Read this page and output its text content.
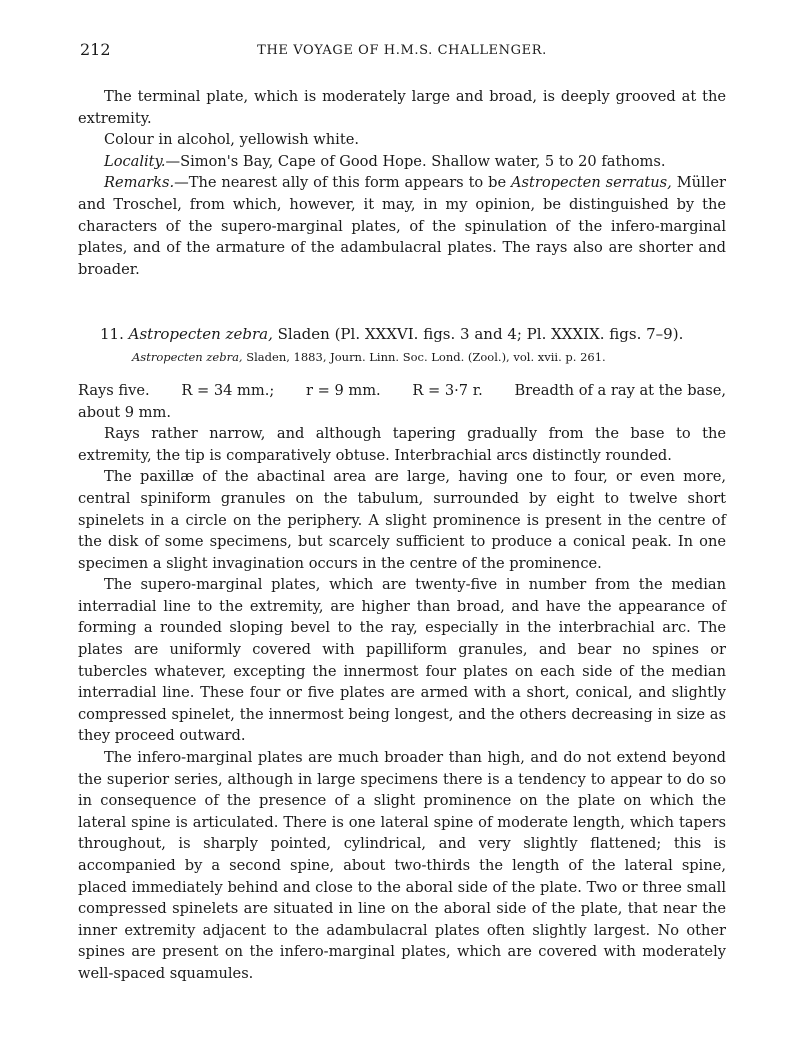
212	THE VOYAGE OF H.M.S. CHALLENGER.

The terminal plate, which is moderately large and broad, is deeply grooved at the extremity.

Colour in alcohol, yellowish white.

Locality.—Simon's Bay, Cape of Good Hope. Shallow water, 5 to 20 fathoms.

Remarks.—The nearest ally of this form appears to be Astropecten serratus, Müller and Troschel, from which, however, it may, in my opinion, be distinguished by the characters of the supero-marginal plates, of the spinulation of the infero-marginal plates, and of the armature of the adambulacral plates. The rays also are shorter and broader.

11. Astropecten zebra, Sladen (Pl. XXXVI. figs. 3 and 4; Pl. XXXIX. figs. 7–9).

Astropecten zebra, Sladen, 1883, Journ. Linn. Soc. Lond. (Zool.), vol. xvii. p. 261.

Rays five. R = 34 mm.; r = 9 mm. R = 3·7 r. Breadth of a ray at the base,

about 9 mm.

Rays rather narrow, and although tapering gradually from the base to the extremity, the tip is comparatively obtuse. Interbrachial arcs distinctly rounded.

The paxillæ of the abactinal area are large, having one to four, or even more, central spiniform granules on the tabulum, surrounded by eight to twelve short spinelets in a circle on the periphery. A slight prominence is present in the centre of the disk of some specimens, but scarcely sufficient to produce a conical peak. In one specimen a slight invagination occurs in the centre of the prominence.

The supero-marginal plates, which are twenty-five in number from the median interradial line to the extremity, are higher than broad, and have the appearance of forming a rounded sloping bevel to the ray, especially in the interbrachial arc. The plates are uniformly covered with papilliform granules, and bear no spines or tubercles whatever, excepting the innermost four plates on each side of the median interradial line. These four or five plates are armed with a short, conical, and slightly compressed spinelet, the innermost being longest, and the others decreasing in size as they proceed outward.

The infero-marginal plates are much broader than high, and do not extend beyond the superior series, although in large specimens there is a tendency to appear to do so in consequence of the presence of a slight prominence on the plate on which the lateral spine is articulated. There is one lateral spine of moderate length, which tapers throughout, is sharply pointed, cylindrical, and very slightly flattened; this is accompanied by a second spine, about two-thirds the length of the lateral spine, placed immediately behind and close to the aboral side of the plate. Two or three small compressed spinelets are situated in line on the aboral side of the plate, that near the inner extremity adjacent to the adambulacral plates often slightly largest. No other spines are present on the infero-marginal plates, which are covered with moderately well-spaced squamules.
